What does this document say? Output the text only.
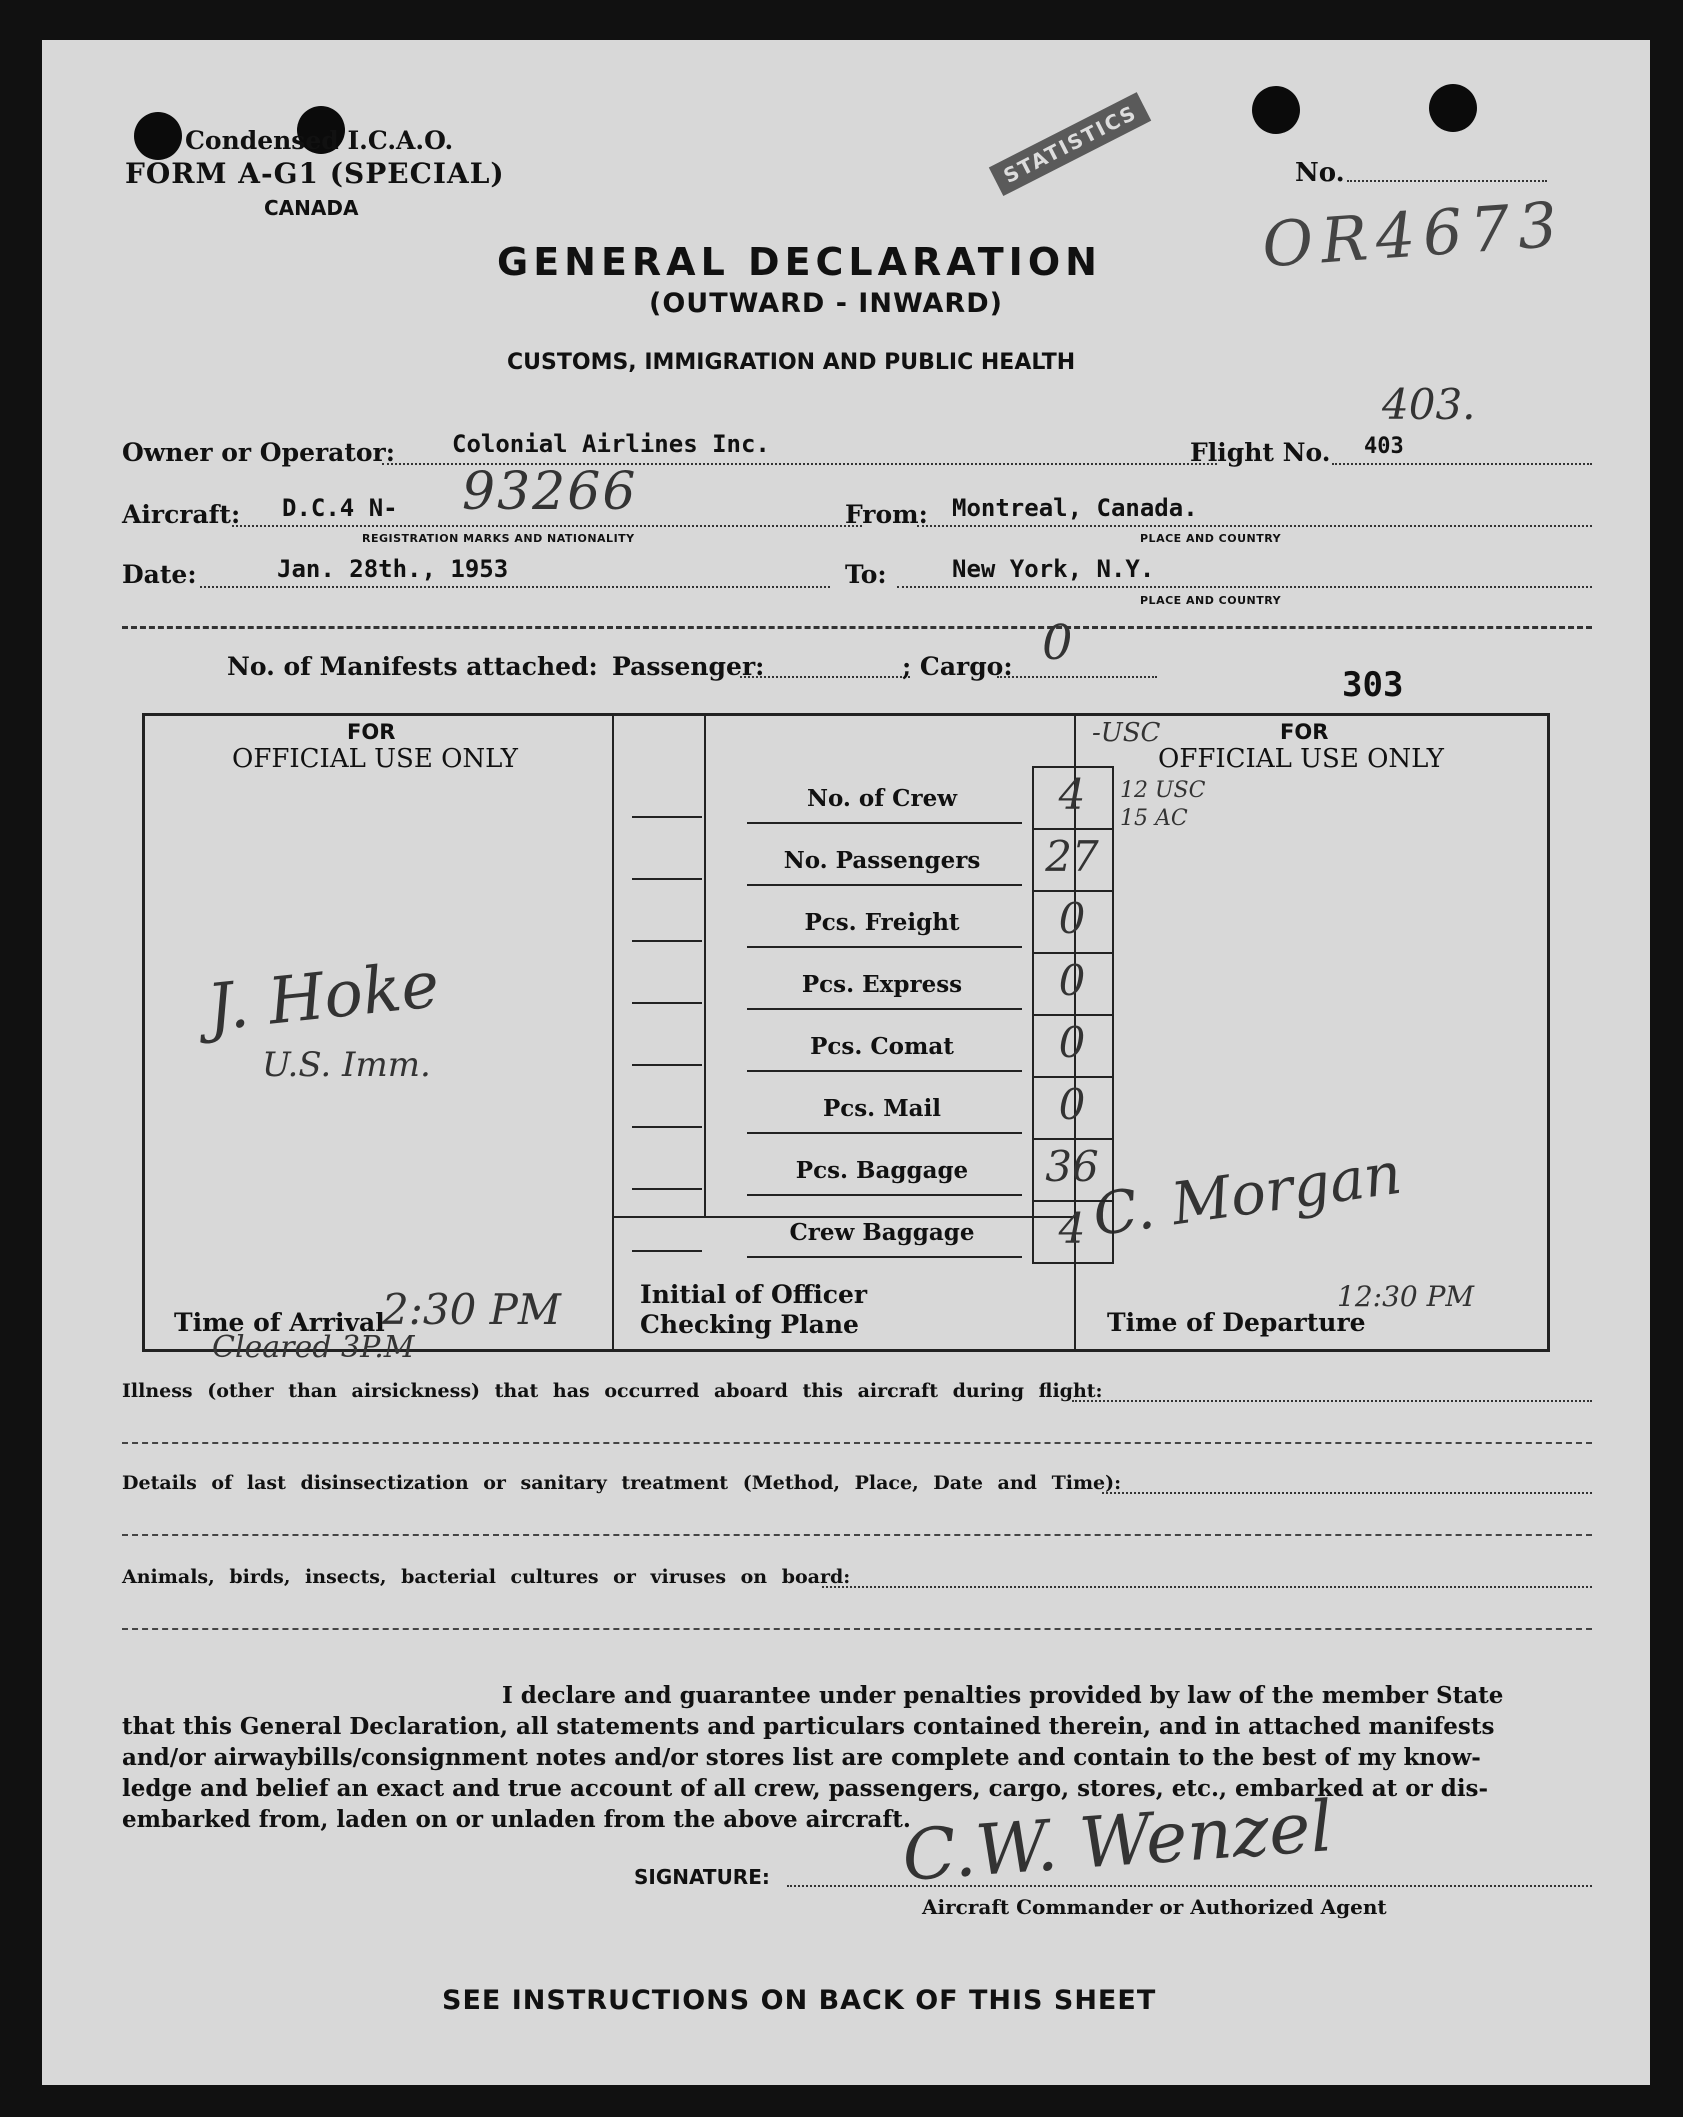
Condensed I.C.A.O.
FORM A-G1 (SPECIAL)
CANADA
STATISTICS	No.
OR4673
GENERAL DECLARATION
(OUTWARD - INWARD)
CUSTOMS, IMMIGRATION AND PUBLIC HEALTH
403.
Owner or Operator: Colonial Airlines Inc.	Flight No. 403
Aircraft: D.C.4 N- 93266
REGISTRATION MARKS AND NATIONALITY
From: Montreal, Canada.
PLACE AND COUNTRY
Date:	Jan. 28th., 1953	To:	New York, N.Y.
PLACE AND COUNTRY
No. of Manifests attached: Passenger:	; Cargo: 0
303
FOR
OFFICIAL USE ONLY
FOR
OFFICIAL USE ONLY
-USC
12 USC
15 AC
J. Hoke
U.S. Imm.
C. Morgan
Time of Arrival
2:30 PM
Cleared 3P.M
Initial of Officer
Checking Plane	Time of Departure
12:30 PM
Illness (other than airsickness) that has occurred aboard this aircraft during flight:
Details of last disinsectization or sanitary treatment (Method, Place, Date and Time):
Animals, birds, insects, bacterial cultures or viruses on board:

I declare and guarantee under penalties provided by law of the member State

that this General Declaration, all statements and particulars contained therein, and in attached manifests

and/or airwaybills/consignment notes and/or stores list are complete and contain to the best of my know-

ledge and belief an exact and true account of all crew, passengers, cargo, stores, etc., embarked at or dis-

embarked from, laden on or unladen from the above aircraft.

SIGNATURE: C.W. Wenzel
Aircraft Commander or Authorized Agent
SEE INSTRUCTIONS ON BACK OF THIS SHEET
No. of Crew	4
No. Passengers	27
Pcs. Freight	0
Pcs. Express	0
Pcs. Comat	0
Pcs. Mail	0
Pcs. Baggage	36
Crew Baggage	4
